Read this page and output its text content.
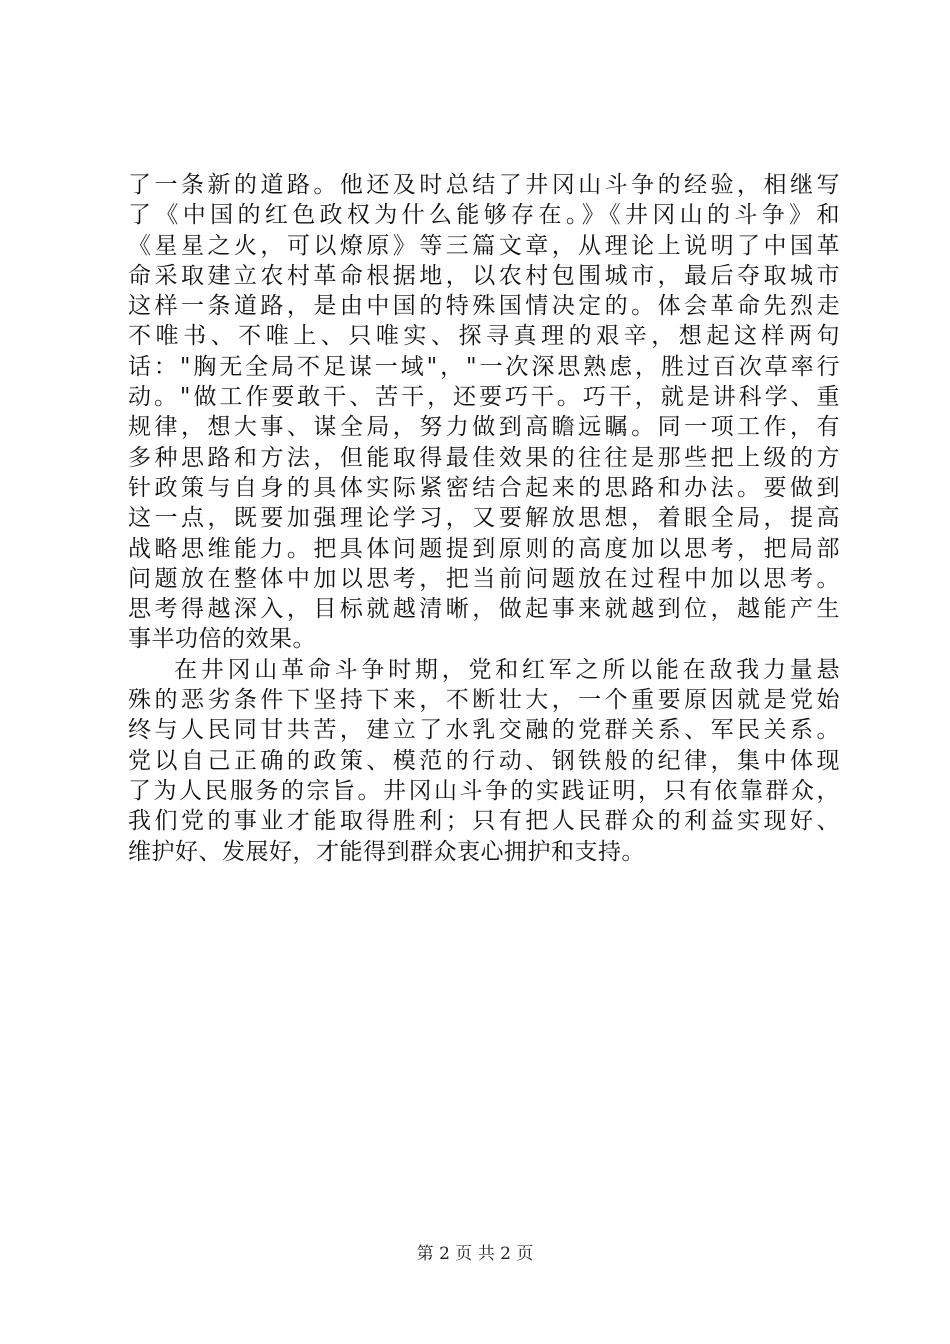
了一条新的道路。他还及时总结了井冈山斗争的经验，相继写
了《中国的红色政权为什么能够存在。》《井冈山的斗争》和
《星星之火，可以燎原》等三篇文章，从理论上说明了中国革
命采取建立农村革命根据地，以农村包围城市，最后夺取城市
这样一条道路，是由中国的特殊国情决定的。体会革命先烈走
不唯书、不唯上、只唯实、探寻真理的艰辛，想起这样两句
话："胸无全局不足谋一域"，"一次深思熟虑，胜过百次草率行
动。"做工作要敢干、苦干，还要巧干。巧干，就是讲科学、重
规律，想大事、谋全局，努力做到高瞻远瞩。同一项工作，有
多种思路和方法，但能取得最佳效果的往往是那些把上级的方
针政策与自身的具体实际紧密结合起来的思路和办法。要做到
这一点，既要加强理论学习，又要解放思想，着眼全局，提高
战略思维能力。把具体问题提到原则的高度加以思考，把局部
问题放在整体中加以思考，把当前问题放在过程中加以思考。
思考得越深入，目标就越清晰，做起事来就越到位，越能产生
事半功倍的效果。
在井冈山革命斗争时期，党和红军之所以能在敌我力量悬
殊的恶劣条件下坚持下来，不断壮大，一个重要原因就是党始
终与人民同甘共苦，建立了水乳交融的党群关系、军民关系。
党以自己正确的政策、模范的行动、钢铁般的纪律，集中体现
了为人民服务的宗旨。井冈山斗争的实践证明，只有依靠群众，
我们党的事业才能取得胜利；只有把人民群众的利益实现好、
维护好、发展好，才能得到群众衷心拥护和支持。
第 2 页 共 2 页
